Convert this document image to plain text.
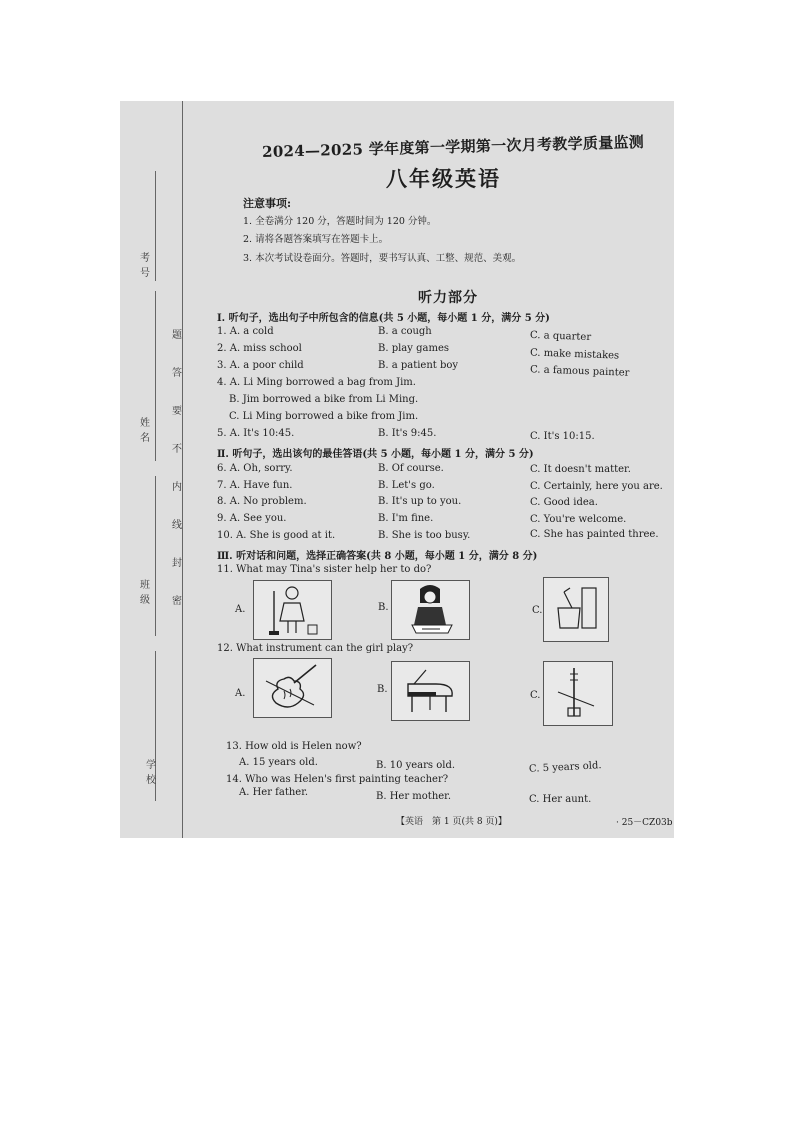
考号
姓名
班级
学校
题
答
要
不
内
线
封
密
2024—2025 学年度第一学期第一次月考教学质量监测
八年级英语
注意事项:
1. 全卷满分 120 分，答题时间为 120 分钟。
2. 请将各题答案填写在答题卡上。
3. 本次考试设卷面分。答题时，要书写认真、工整、规范、美观。
听力部分
Ⅰ. 听句子，选出句子中所包含的信息(共 5 小题，每小题 1 分，满分 5 分)
1. A. a cold	B. a cough	C. a quarter
2. A. miss school	B. play games	C. make mistakes
3. A. a poor child	B. a patient boy	C. a famous painter
4. A. Li Ming borrowed a bag from Jim.
B. Jim borrowed a bike from Li Ming.
C. Li Ming borrowed a bike from Jim.
5. A. It's 10:45.	B. It's 9:45.	C. It's 10:15.
Ⅱ. 听句子，选出该句的最佳答语(共 5 小题，每小题 1 分，满分 5 分)
6. A. Oh, sorry.	B. Of course.	C. It doesn't matter.
7. A. Have fun.	B. Let's go.	C. Certainly, here you are.
8. A. No problem.	B. It's up to you.	C. Good idea.
9. A. See you.	B. I'm fine.	C. You're welcome.
10. A. She is good at it.	B. She is too busy.	C. She has painted three.
Ⅲ. 听对话和问题，选择正确答案(共 8 小题，每小题 1 分，满分 8 分)
11. What may Tina's sister help her to do?
A.	B.	C.
12. What instrument can the girl play?
A.	B.
C.
13. How old is Helen now?
A. 15 years old.	B. 10 years old.	C. 5 years old.
14. Who was Helen's first painting teacher?
A. Her father.	B. Her mother.	C. Her aunt.
【英语　第 1 页(共 8 页)】	· 25－CZ03b
